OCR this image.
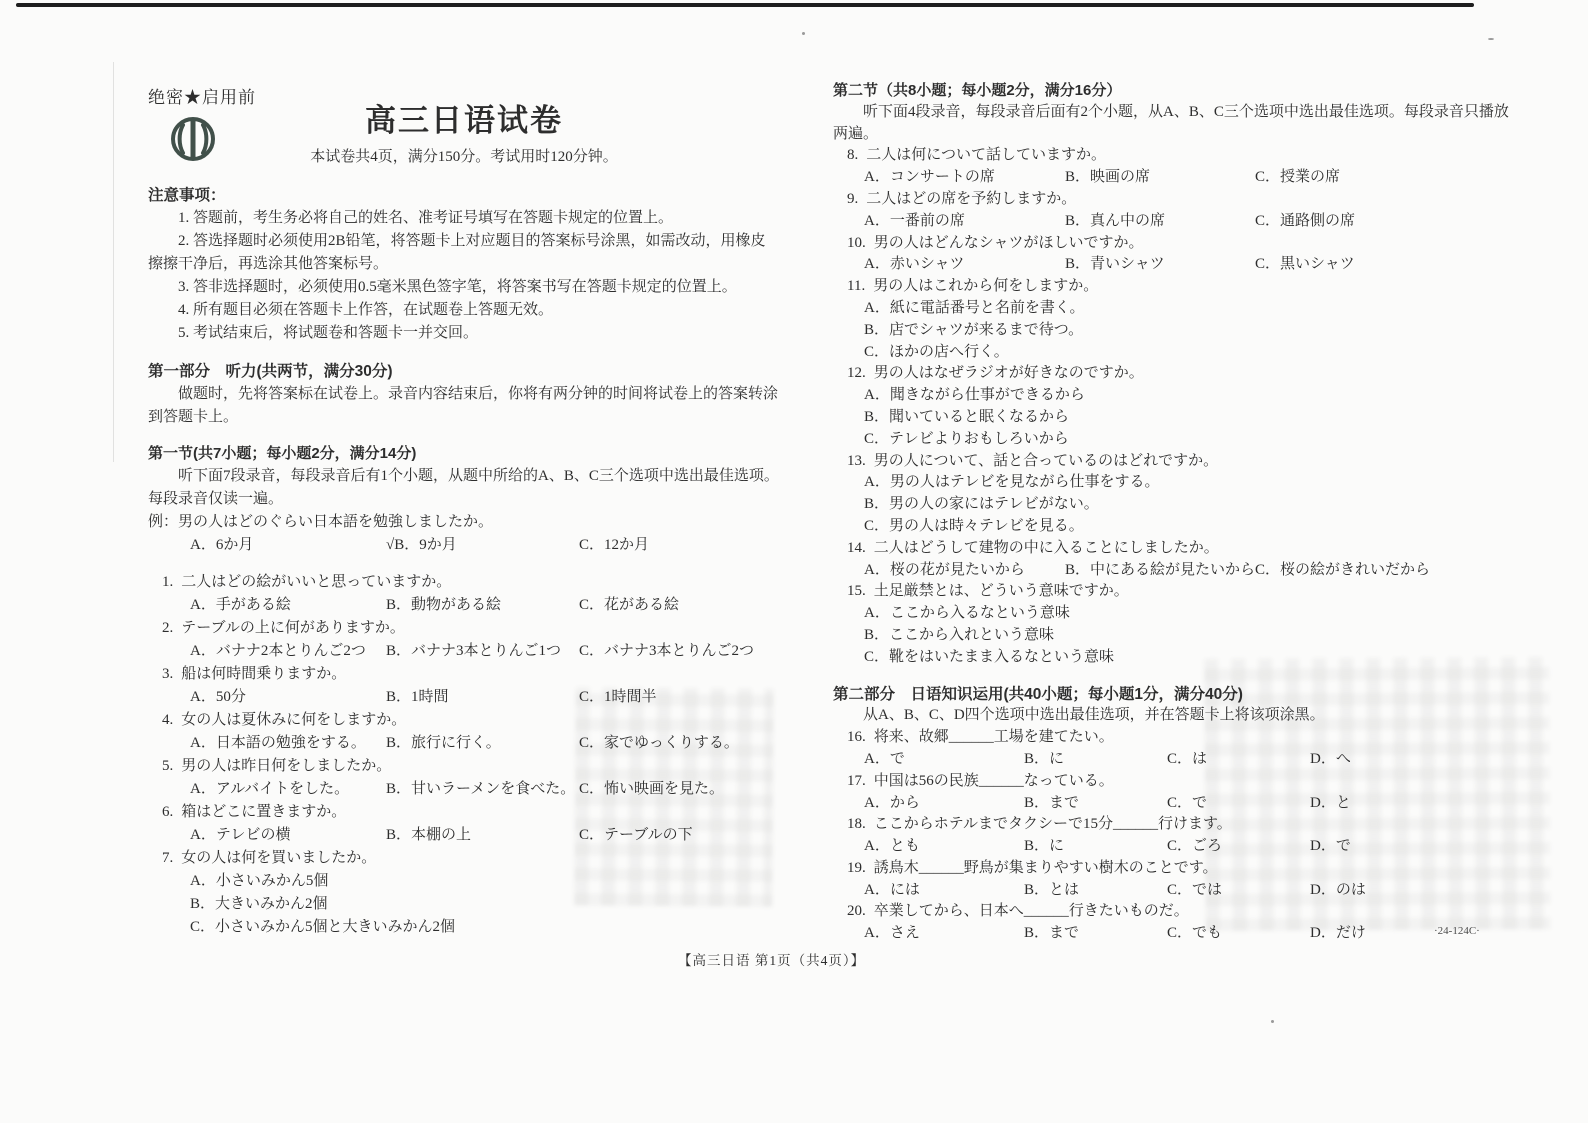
绝密★启用前
高三日语试卷

本试卷共4页，满分150分。考试用时120分钟。

注意事项：

1. 答题前，考生务必将自己的姓名、准考证号填写在答题卡规定的位置上。

2. 答选择题时必须使用2B铅笔，将答题卡上对应题目的答案标号涂黑，如需改动，用橡皮擦擦干净后，再选涂其他答案标号。

3. 答非选择题时，必须使用0.5毫米黑色签字笔，将答案书写在答题卡规定的位置上。

4. 所有题目必须在答题卡上作答，在试题卷上答题无效。

5. 考试结束后，将试题卷和答题卡一并交回。

第一部分　听力(共两节，满分30分)

做题时，先将答案标在试卷上。录音内容结束后，你将有两分钟的时间将试卷上的答案转涂到答题卡上。

第一节(共7小题；每小题2分，满分14分)

听下面7段录音，每段录音后有1个小题，从题中所给的A、B、C三个选项中选出最佳选项。每段录音仅读一遍。

例：男の人はどのぐらい日本語を勉強しましたか。

A．6か月	√B．9か月	C．12か月

1. 二人はどの絵がいいと思っていますか。

A．手がある絵	B．動物がある絵	C．花がある絵

2. テーブルの上に何がありますか。

A．バナナ2本とりんご2つ	B．バナナ3本とりんご1つ	C．バナナ3本とりんご2つ

3. 船は何時間乗りますか。

A．50分	B．1時間	C．1時間半

4. 女の人は夏休みに何をしますか。

A．日本語の勉強をする。	B．旅行に行く。	C．家でゆっくりする。

5. 男の人は昨日何をしましたか。

A．アルバイトをした。	B．甘いラーメンを食べた。 C．怖い映画を見た。

6. 箱はどこに置きますか。

A．テレビの横	B．本棚の上	C．テーブルの下

7. 女の人は何を買いましたか。

A．小さいみかん5個
B．大きいみかん2個
C．小さいみかん5個と大きいみかん2個

第二节（共8小题；每小题2分，满分16分）

听下面4段录音，每段录音后面有2个小题，从A、B、C三个选项中选出最佳选项。每段录音只播放两遍。

8. 二人は何について話していますか。

A．コンサートの席	B．映画の席	C．授業の席

9. 二人はどの席を予約しますか。

A．一番前の席	B．真ん中の席	C．通路側の席

10. 男の人はどんなシャツがほしいですか。

A．赤いシャツ	B．青いシャツ	C．黒いシャツ

11. 男の人はこれから何をしますか。

A．紙に電話番号と名前を書く。
B．店でシャツが来るまで待つ。
C．ほかの店へ行く。

12. 男の人はなぜラジオが好きなのですか。

A．聞きながら仕事ができるから
B．聞いていると眠くなるから
C．テレビよりおもしろいから

13. 男の人について、話と合っているのはどれですか。

A．男の人はテレビを見ながら仕事をする。
B．男の人の家にはテレビがない。
C．男の人は時々テレビを見る。

14. 二人はどうして建物の中に入ることにしましたか。

A．桜の花が見たいから	B．中にある絵が見たいから C．桜の絵がきれいだから

15. 土足厳禁とは、どういう意味ですか。

A．ここから入るなという意味
B．ここから入れという意味
C．靴をはいたまま入るなという意味

第二部分　日语知识运用(共40小题；每小题1分，满分40分)

从A、B、C、D四个选项中选出最佳选项，并在答题卡上将该项涂黑。

16. 将来、故郷______工場を建てたい。

A．で	B．に	C．は	D．へ

17. 中国は56の民族______なっている。

A．から	B．まで	C．で	D．と

18. ここからホテルまでタクシーで15分______行けます。

A．とも	B．に	C．ごろ	D．で

19. 誘鳥木______野鳥が集まりやすい樹木のことです。

A．には	B．とは	C．では	D．のは

20. 卒業してから、日本へ______行きたいものだ。

A．さえ	B．まで	C．でも	D．だけ
【高三日语 第1页（共4页）】
·24-124C·
